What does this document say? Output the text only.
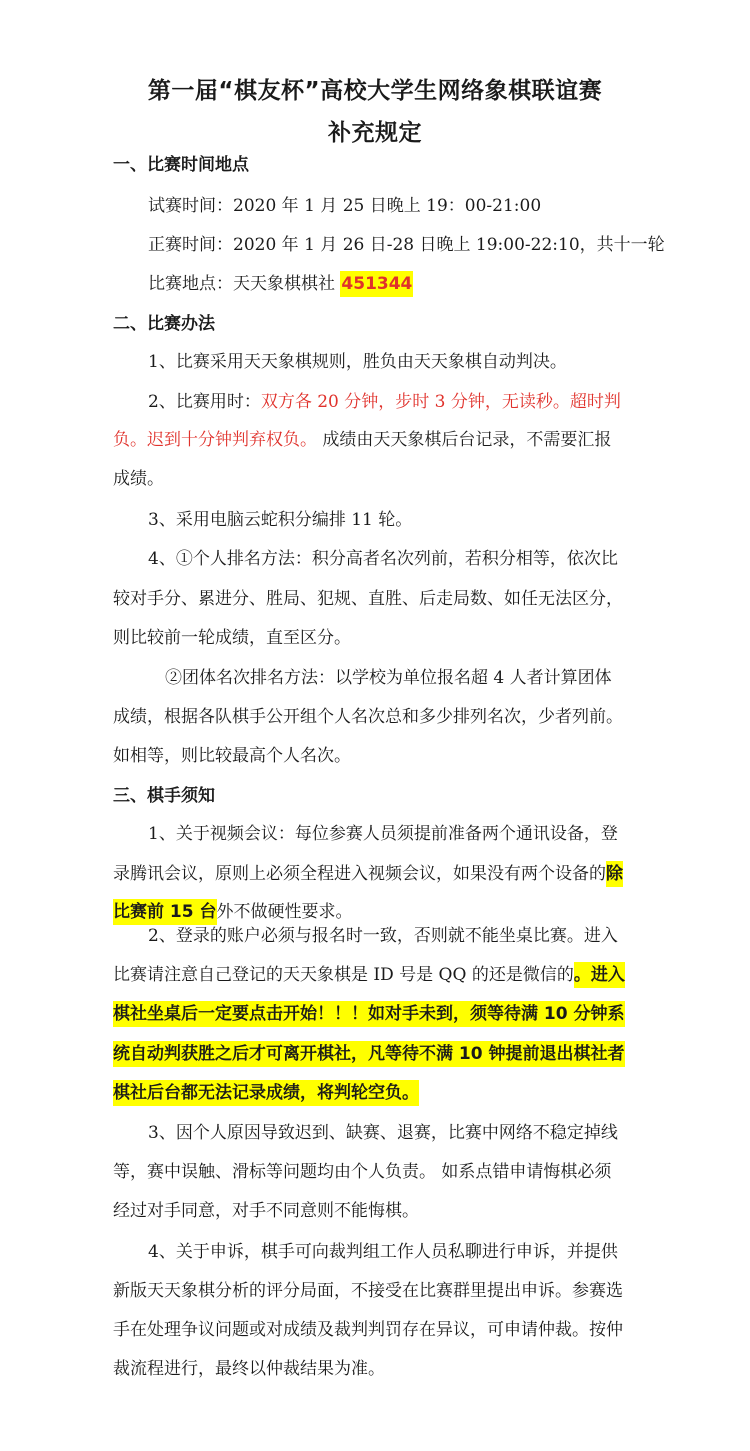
第一届“棋友杯”高校大学生网络象棋联谊赛
补充规定
一、比赛时间地点
试赛时间：2020 年 1 月 25 日晚上 19：00-21:00
正赛时间：2020 年 1 月 26 日-28 日晚上 19:00-22:10，共十一轮
比赛地点：天天象棋棋社 451344
二、比赛办法
1、比赛采用天天象棋规则，胜负由天天象棋自动判决。
2、比赛用时：双方各 20 分钟，步时 3 分钟，无读秒。超时判
负。迟到十分钟判弃权负。 成绩由天天象棋后台记录，不需要汇报
成绩。
3、采用电脑云蛇积分编排 11 轮。
4、①个人排名方法：积分高者名次列前，若积分相等，依次比
较对手分、累进分、胜局、犯规、直胜、后走局数、如任无法区分，
则比较前一轮成绩，直至区分。
②团体名次排名方法：以学校为单位报名超 4 人者计算团体
成绩，根据各队棋手公开组个人名次总和多少排列名次，少者列前。
如相等，则比较最高个人名次。
三、棋手须知
1、关于视频会议：每位参赛人员须提前准备两个通讯设备，登
录腾讯会议，原则上必须全程进入视频会议，如果没有两个设备的除
比赛前 15 台外不做硬性要求。
2、登录的账户必须与报名时一致，否则就不能坐桌比赛。进入
比赛请注意自己登记的天天象棋是 ID 号是 QQ 的还是微信的。进入
棋社坐桌后一定要点击开始！！！如对手未到，须等待满 10 分钟系
统自动判获胜之后才可离开棋社，凡等待不满 10 钟提前退出棋社者
棋社后台都无法记录成绩，将判轮空负。
3、因个人原因导致迟到、缺赛、退赛，比赛中网络不稳定掉线
等，赛中误触、滑标等问题均由个人负责。 如系点错申请悔棋必须
经过对手同意，对手不同意则不能悔棋。
4、关于申诉，棋手可向裁判组工作人员私聊进行申诉，并提供
新版天天象棋分析的评分局面，不接受在比赛群里提出申诉。参赛选
手在处理争议问题或对成绩及裁判判罚存在异议，可申请仲裁。按仲
裁流程进行，最终以仲裁结果为准。
